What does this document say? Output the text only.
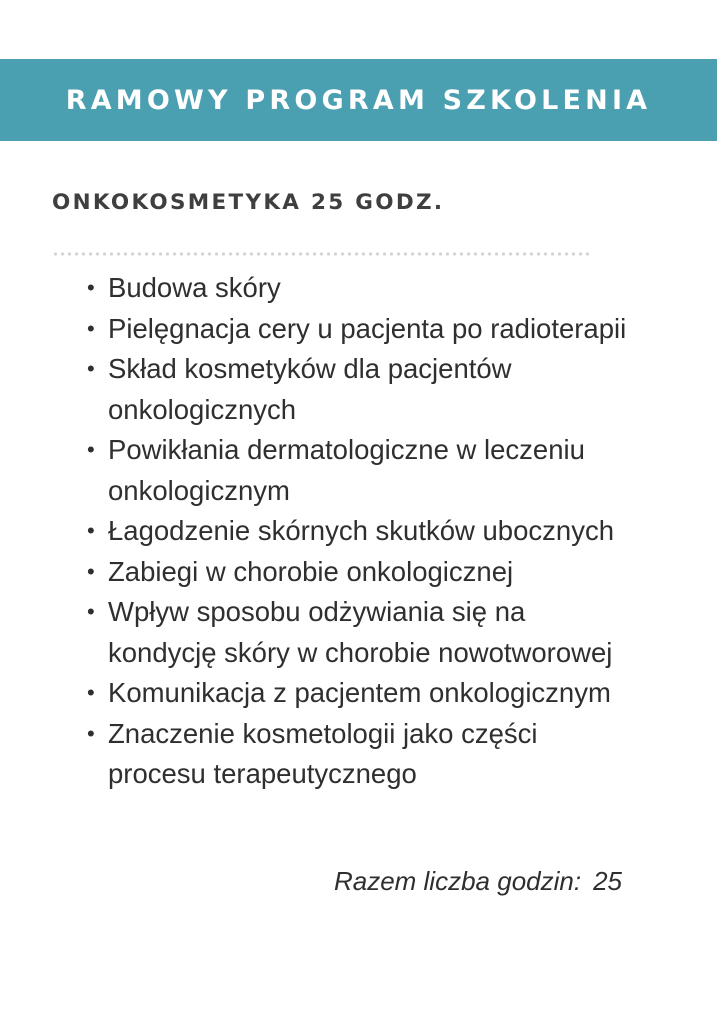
RAMOWY PROGRAM SZKOLENIA
ONKOKOSMETYKA 25 GODZ.
• Budowa skóry
• Pielęgnacja cery u pacjenta po radioterapii
• Skład kosmetyków dla pacjentów
onkologicznych
• Powikłania dermatologiczne w leczeniu
onkologicznym
• Łagodzenie skórnych skutków ubocznych
• Zabiegi w chorobie onkologicznej
• Wpływ sposobu odżywiania się na
kondycję skóry w chorobie nowotworowej
• Komunikacja z pacjentem onkologicznym
• Znaczenie kosmetologii jako części
procesu terapeutycznego
Razem liczba godzin: 25
